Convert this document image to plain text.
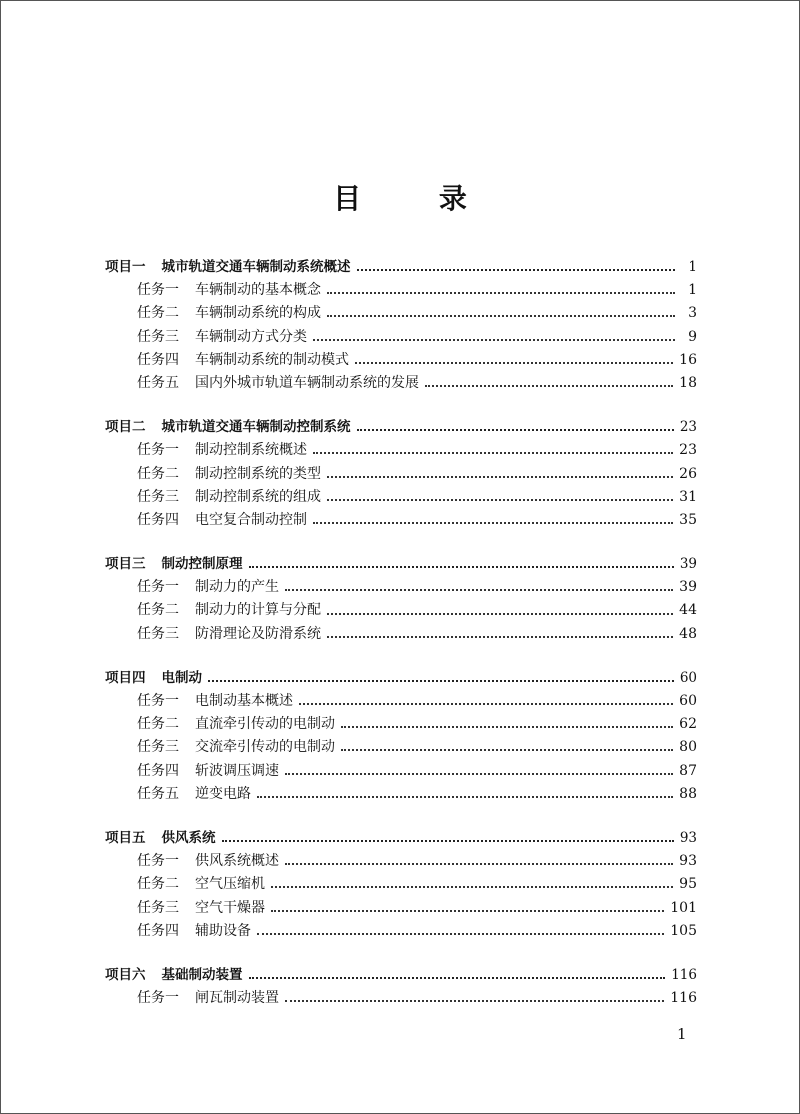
目 录
项目一 城市轨道交通车辆制动系统概述	1
任务一 车辆制动的基本概念	1
任务二 车辆制动系统的构成	3
任务三 车辆制动方式分类	9
任务四 车辆制动系统的制动模式	16
任务五 国内外城市轨道车辆制动系统的发展	18
项目二 城市轨道交通车辆制动控制系统	23
任务一 制动控制系统概述	23
任务二 制动控制系统的类型	26
任务三 制动控制系统的组成	31
任务四 电空复合制动控制	35
项目三 制动控制原理	39
任务一 制动力的产生	39
任务二 制动力的计算与分配	44
任务三 防滑理论及防滑系统	48
项目四 电制动	60
任务一 电制动基本概述	60
任务二 直流牵引传动的电制动	62
任务三 交流牵引传动的电制动	80
任务四 斩波调压调速	87
任务五 逆变电路	88
项目五 供风系统	93
任务一 供风系统概述	93
任务二 空气压缩机	95
任务三 空气干燥器	101
任务四 辅助设备	105
项目六 基础制动装置	116
任务一 闸瓦制动装置	116
1
